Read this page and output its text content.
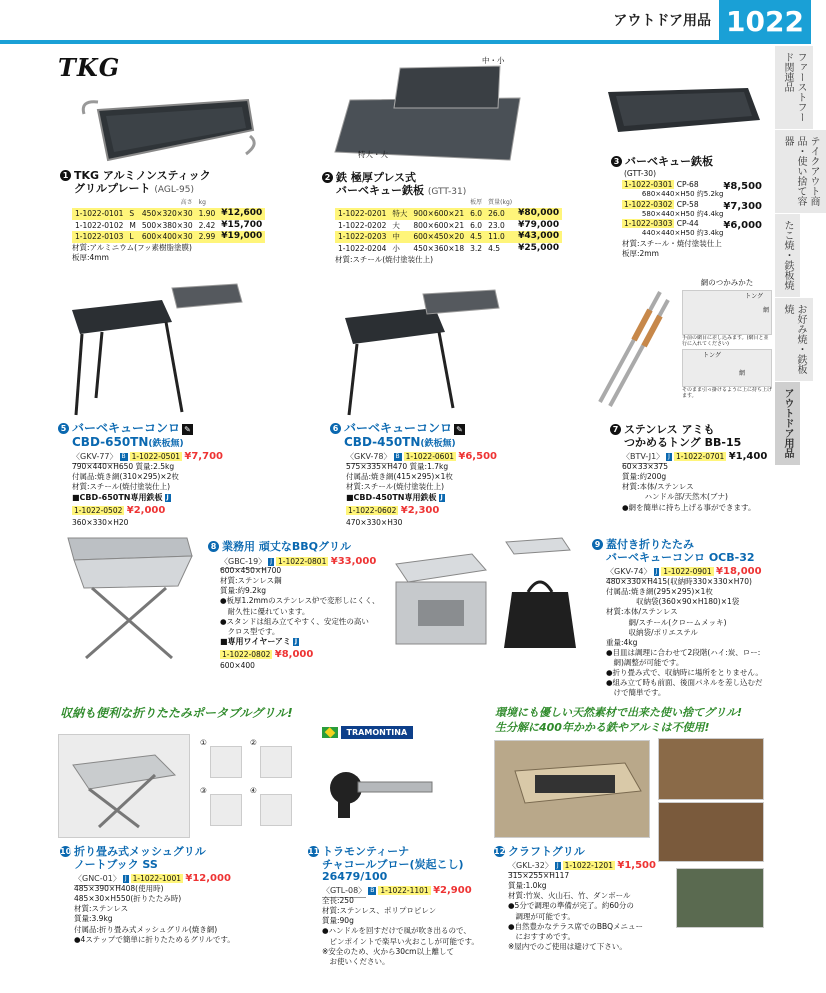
アウトドア用品 1022
ファーストフード関連品
テイクアウト商品・使い捨て容器
たこ焼・鉄板焼
お好み焼・鉄板焼
アウトドア用品
TKG
1 TKG アルミノンスティック
グリルプレート (AGL-95)
		高さ	kg	
1-1022-0101	S	450×320×30	1.90	¥12,600
1-1022-0102	M	500×380×30	2.42	¥15,700
1-1022-0103	L	600×400×30	2.99	¥19,000
材質:アルミニウム(フッ素樹脂塗膜)
板厚:4mm
中・小
特大・大
2 鉄 極厚プレス式
バーベキュー鉄板 (GTT-31)
			板厚	質量(kg)	
1-1022-0201	特大	900×600×21	6.0	26.0	¥80,000
1-1022-0202	大	800×600×21	6.0	23.0	¥79,000
1-1022-0203	中	600×450×20	4.5	11.0	¥43,000
1-1022-0204	小	450×360×18	3.2	4.5	¥25,000
材質:スチール(焼付塗装仕上)
3 バーベキュー鉄板
(GTT-30)
1-1022-0301 CP-68 ¥8,500
680×440×H50 約5.2kg
1-1022-0302 CP-58 ¥7,300
580×440×H50 約4.4kg
1-1022-0303 CP-44 ¥6,000
440×440×H50 約3.4kg
材質:スチール・焼付塗装仕上
板厚:2mm
5 バーベキューコンロ ✎
CBD-650TN(鉄板無)
〈GKV-77〉 B 1-1022-0501 ¥7,700
790×440×H650 質量:2.5kg
付属品:焼き網(310×295)×2枚
材質:スチール(焼付塗装仕上)
■CBD-650TN専用鉄板 J
1-1022-0502 ¥2,000
360×330×H20
6 バーベキューコンロ ✎
CBD-450TN(鉄板無)
〈GKV-78〉 B 1-1022-0601 ¥6,500
575×335×H470 質量:1.7kg
付属品:焼き網(415×295)×1枚
材質:スチール(焼付塗装仕上)
■CBD-450TN専用鉄板 J
1-1022-0602 ¥2,300
470×330×H30
網のつかみかた
トング
網
手前の網目に差し込みます。(網目と並行に入れてください)
トング
網
そのまま引っ掛けるように上に持ち上げます。
7 ステンレス アミも
つかめるトング BB-15
〈BTV-J1〉 J 1-1022-0701 ¥1,400
60×33×375
質量:約200g
材質:本体/ステンレス
　　　ハンドル部/天然木(ブナ)
●網を簡単に持ち上げる事ができます。
8 業務用 頑丈なBBQグリル
〈GBC-19〉 J 1-1022-0801 ¥33,000
600×450×H700
材質:ステンレス鋼
質量:約9.2kg
●板厚1.2mmのステンレス炉で変形しにくく、
　耐久性に優れています。
●スタンドは組み立てやすく、安定性の高い
　クロス型です。
■専用ワイヤーアミ J
1-1022-0802 ¥8,000
600×400
9 蓋付き折りたたみ
バーベキューコンロ OCB-32
〈GKV-74〉 J 1-1022-0901 ¥18,000
480×330×H415(収納時330×330×H70)
付属品:焼き網(295×295)×1枚
　　　　収納袋(360×90×H180)×1袋
材質:本体/ステンレス
　　　網/スチール(クロームメッキ)
　　　収納袋/ポリエステル
重量:4kg
●目皿は調理に合わせて2段階(ハイ:炭、ロー:
　網)調整が可能です。
●折り畳み式で、収納時に場所をとりません。
●組み立て時も前面、後面パネルを差し込むだ
　けで簡単です。
収納も便利な折りたたみポータブルグリル!	環境にも優しい天然素材で出来た使い捨てグリル!
生分解に400年かかる鉄やアルミは不使用!
①	②
③	④
10 折り畳み式メッシュグリル
ノートブック SS
〈GNC-01〉 J 1-1022-1001 ¥12,000
485×390×H408(使用時)
485×30×H550(折りたたみ時)
材質:ステンレス
質量:3.9kg
付属品:折り畳み式メッシュグリル(焼き網)
●4ステップで簡単に折りたためるグリルです。
TRAMONTINA
11 トラモンティーナ
チャコールブロー(炭起こし)
26479/100
〈GTL-08〉 B 1-1022-1101 ¥2,900
全長:250
材質:ステンレス、ポリプロピレン
質量:90g
●ハンドルを回すだけで風が吹き出るので、
　ピンポイントで楽早い火おこしが可能です。
※安全のため、火から30cm以上離して
　お使いください。
12 クラフトグリル
〈GKL-32〉 J 1-1022-1201 ¥1,500
315×255×H117
質量:1.0kg
材質:竹炭、火山石、竹、ダンボール
●5分で調理の準備が完了。約60分の
　調理が可能です。
●自然豊かなテラス席でのBBQメニュー
　におすすめです。
※屋内でのご使用は避けて下さい。
